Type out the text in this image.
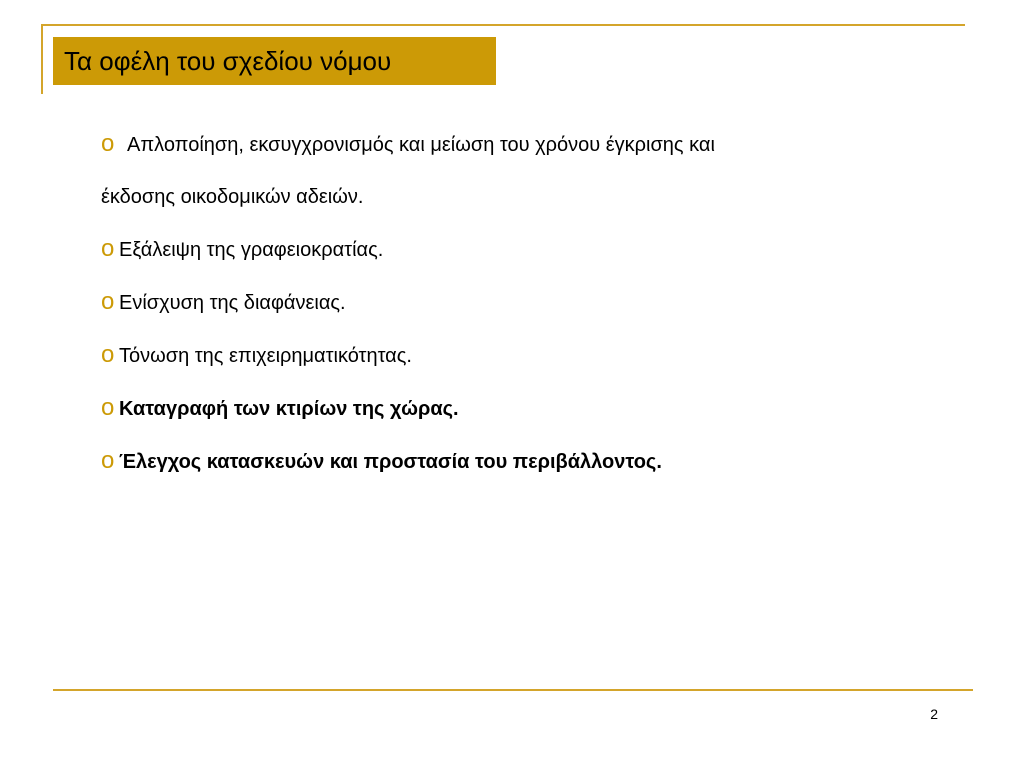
Τα οφέλη του σχεδίου νόμου
o Απλοποίηση, εκσυγχρονισμός και μείωση του χρόνου έγκρισης και
έκδοσης οικοδομικών αδειών.
o Εξάλειψη της γραφειοκρατίας.
o Ενίσχυση της διαφάνειας.
o Τόνωση της επιχειρηματικότητας.
o Καταγραφή των κτιρίων της χώρας.
o Έλεγχος κατασκευών και προστασία του περιβάλλοντος.
2
